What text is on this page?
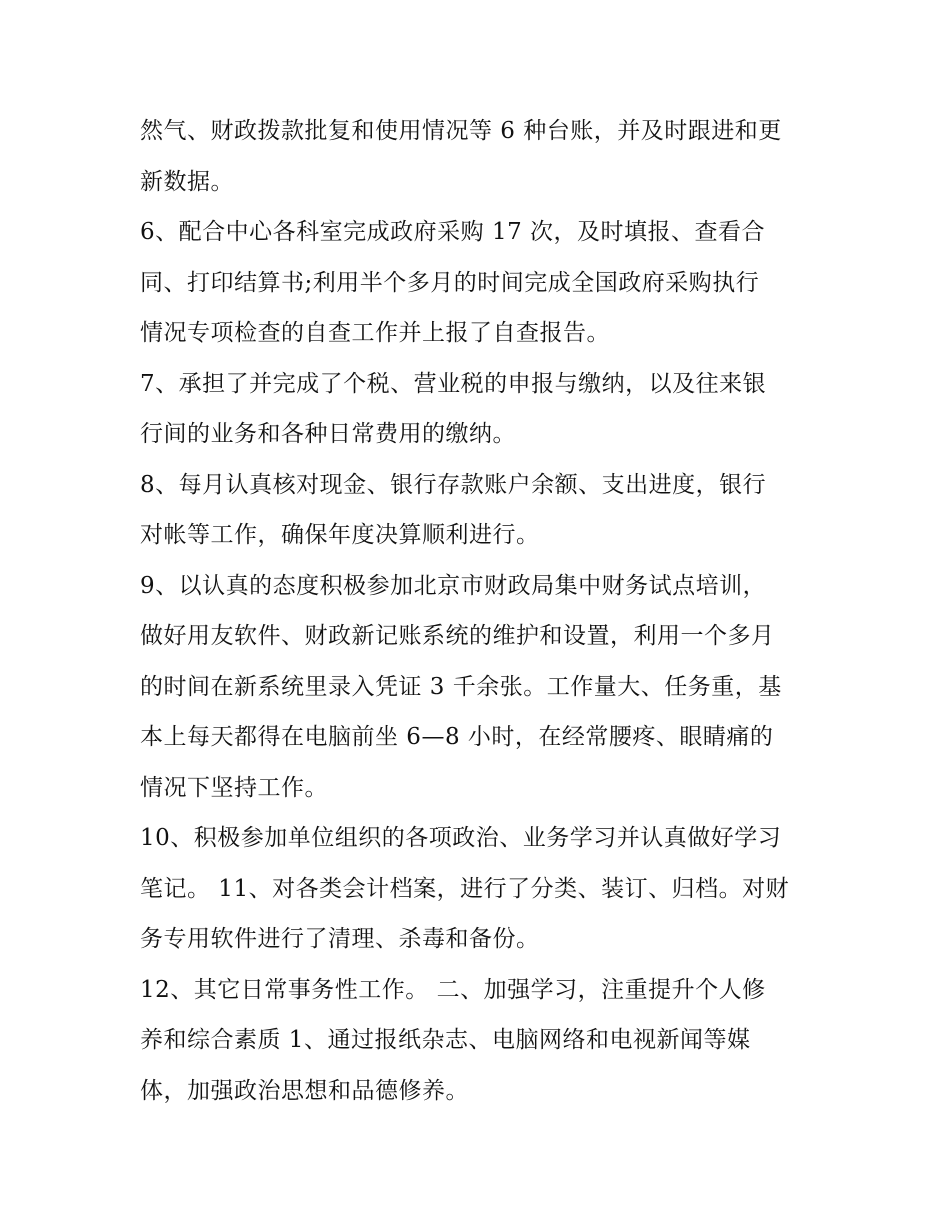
然气、财政拨款批复和使用情况等 6 种台账，并及时跟进和更
新数据。

6、配合中心各科室完成政府采购 17 次，及时填报、查看合
同、打印结算书;利用半个多月的时间完成全国政府采购执行
情况专项检查的自查工作并上报了自查报告。

7、承担了并完成了个税、营业税的申报与缴纳，以及往来银
行间的业务和各种日常费用的缴纳。

8、每月认真核对现金、银行存款账户余额、支出进度，银行
对帐等工作，确保年度决算顺利进行。

9、以认真的态度积极参加北京市财政局集中财务试点培训，
做好用友软件、财政新记账系统的维护和设置，利用一个多月
的时间在新系统里录入凭证 3 千余张。工作量大、任务重，基
本上每天都得在电脑前坐 6—8 小时，在经常腰疼、眼睛痛的
情况下坚持工作。

10、积极参加单位组织的各项政治、业务学习并认真做好学习
笔记。 11、对各类会计档案，进行了分类、装订、归档。对财
务专用软件进行了清理、杀毒和备份。

12、其它日常事务性工作。 二、加强学习，注重提升个人修
养和综合素质 1、通过报纸杂志、电脑网络和电视新闻等媒
体，加强政治思想和品德修养。
